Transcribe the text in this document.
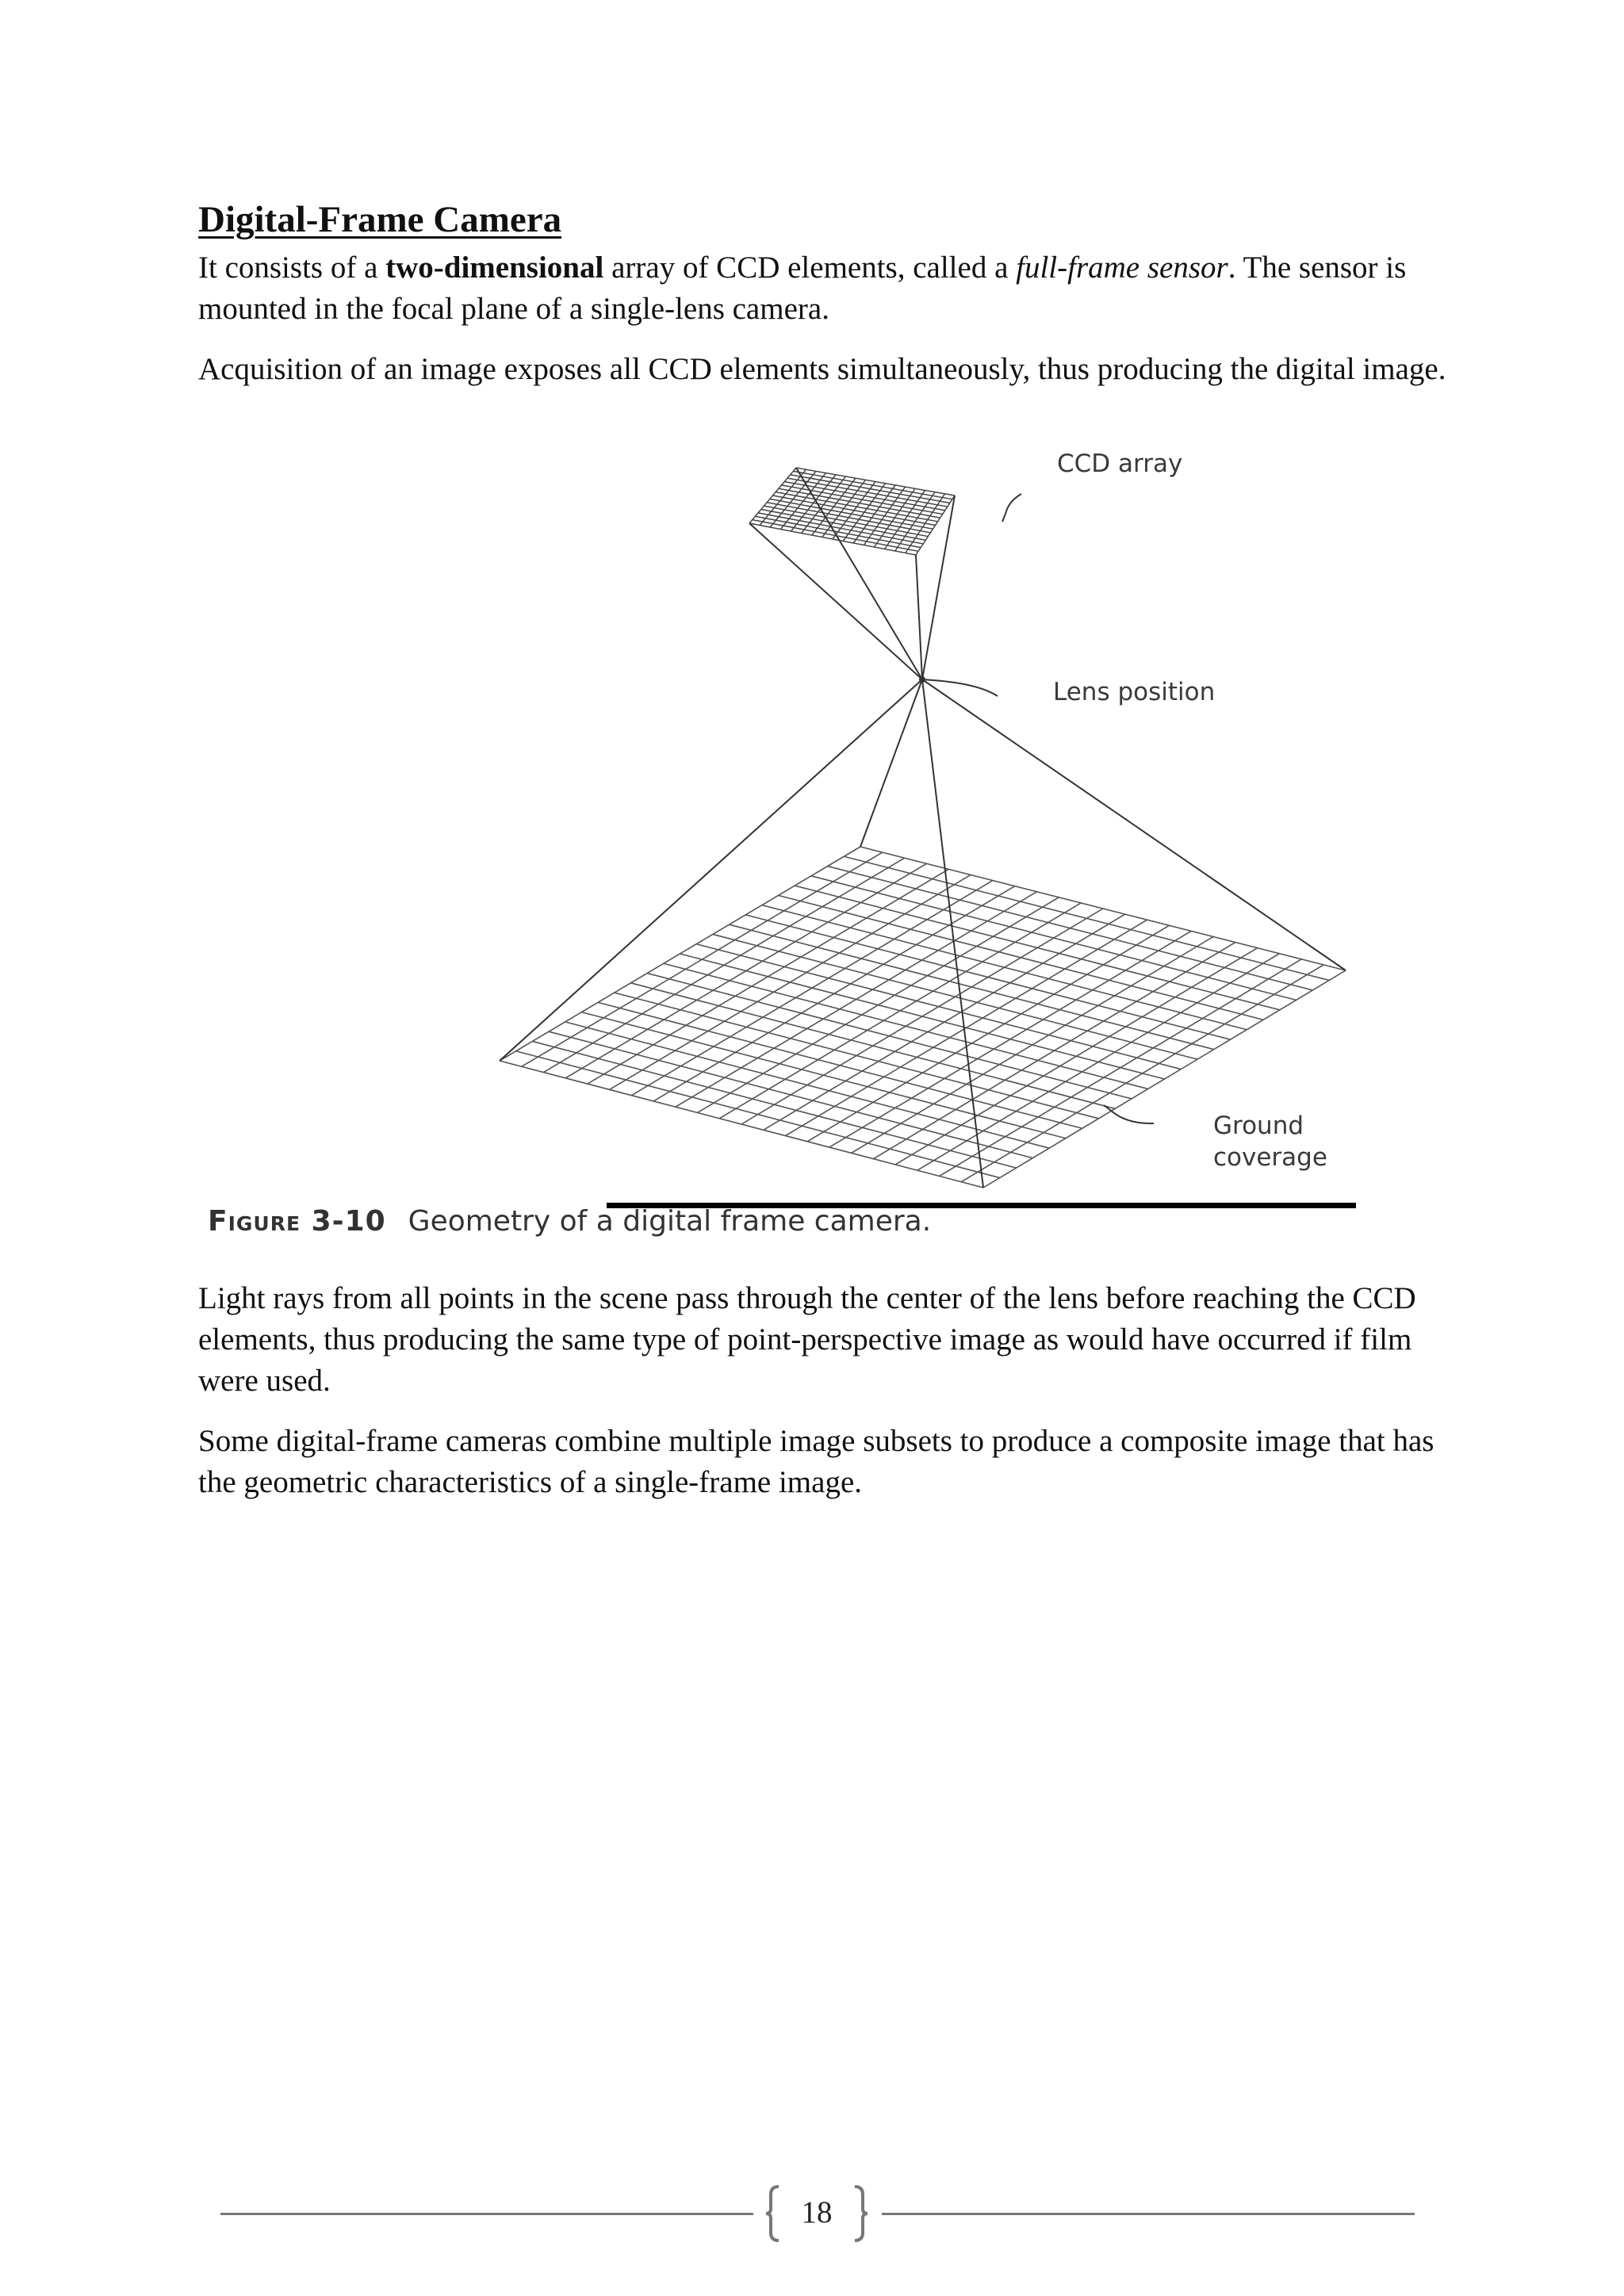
Digital-Frame Camera

It consists of a two-dimensional array of CCD elements, called a full-frame sensor. The sensor is mounted in the focal plane of a single-lens camera.

Acquisition of an image exposes all CCD elements simultaneously, thus producing the digital image.

CCD array
Lens position
Ground
coverage
Figure 3-10 Geometry of a digital frame camera.

Light rays from all points in the scene pass through the center of the lens before reaching the CCD elements, thus producing the same type of point-perspective image as would have occurred if film were used.

Some digital-frame cameras combine multiple image subsets to produce a composite image that has the geometric characteristics of a single-frame image.

18
